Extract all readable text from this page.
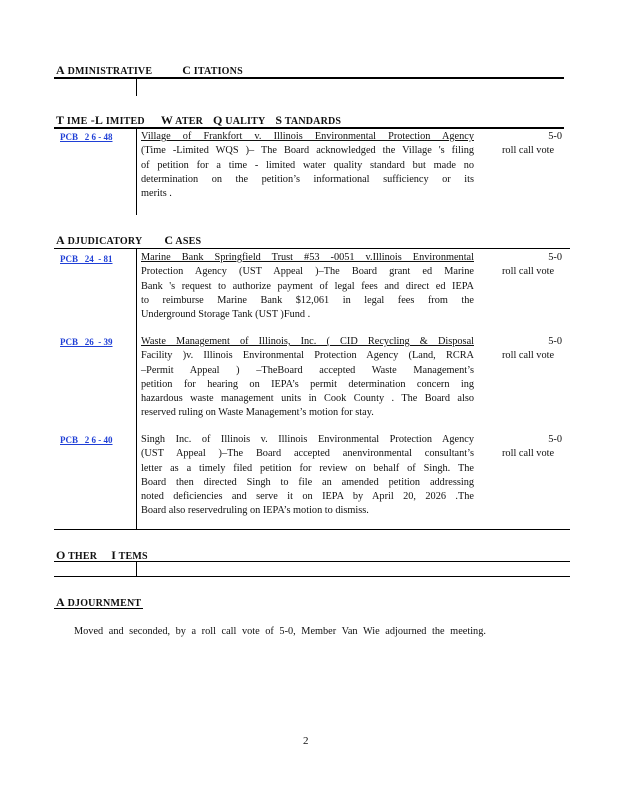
A DMINISTRATIVE	C ITATIONS
T IME -L IMITED W ATER Q UALITY S TANDARDS
PCB   2 6 - 48	Village of Frankfort v. Illinois Environmental Protection Agency
(Time -Limited WQS )– The Board acknowledged the Village 's filing
of petition for a time - limited water quality standard but made no
determination on the petition’s informational sufficiency or its
merits .
5-0
roll call vote
A DJUDICATORY C ASES
PCB   24  - 81	Marine Bank Springfield Trust #53 -0051 v.Illinois Environmental
Protection Agency (UST Appeal )–The Board grant ed Marine
Bank 's request to authorize payment of legal fees and direct ed IEPA
to reimburse Marine Bank $12,061 in legal fees from the
Underground Storage Tank (UST )Fund .
5-0
roll call vote
PCB   26  - 39	Waste Management of Illinois, Inc. ( CID Recycling & Disposal
Facility )v. Illinois Environmental Protection Agency (Land, RCRA
–Permit Appeal ) –TheBoard accepted Waste Management’s
petition for hearing on IEPA’s permit determination concern ing
hazardous waste management units in Cook County . The Board also
reserved ruling on Waste Management’s motion for stay.
5-0
roll call vote
PCB   2 6 - 40	Singh Inc. of Illinois v. Illinois Environmental Protection Agency
(UST Appeal )–The Board accepted anenvironmental consultant’s
letter as a timely filed petition for review on behalf of Singh. The
Board then directed Singh to file an amended petition addressing
noted deficiencies and serve it on IEPA by April 20, 2026 .The
Board also reservedruling on IEPA’s motion to dismiss.
5-0
roll call vote
O THER I TEMS
A DJOURNMENT
Moved and seconded, by a roll call vote of 5-0, Member Van Wie adjourned the meeting.
2
